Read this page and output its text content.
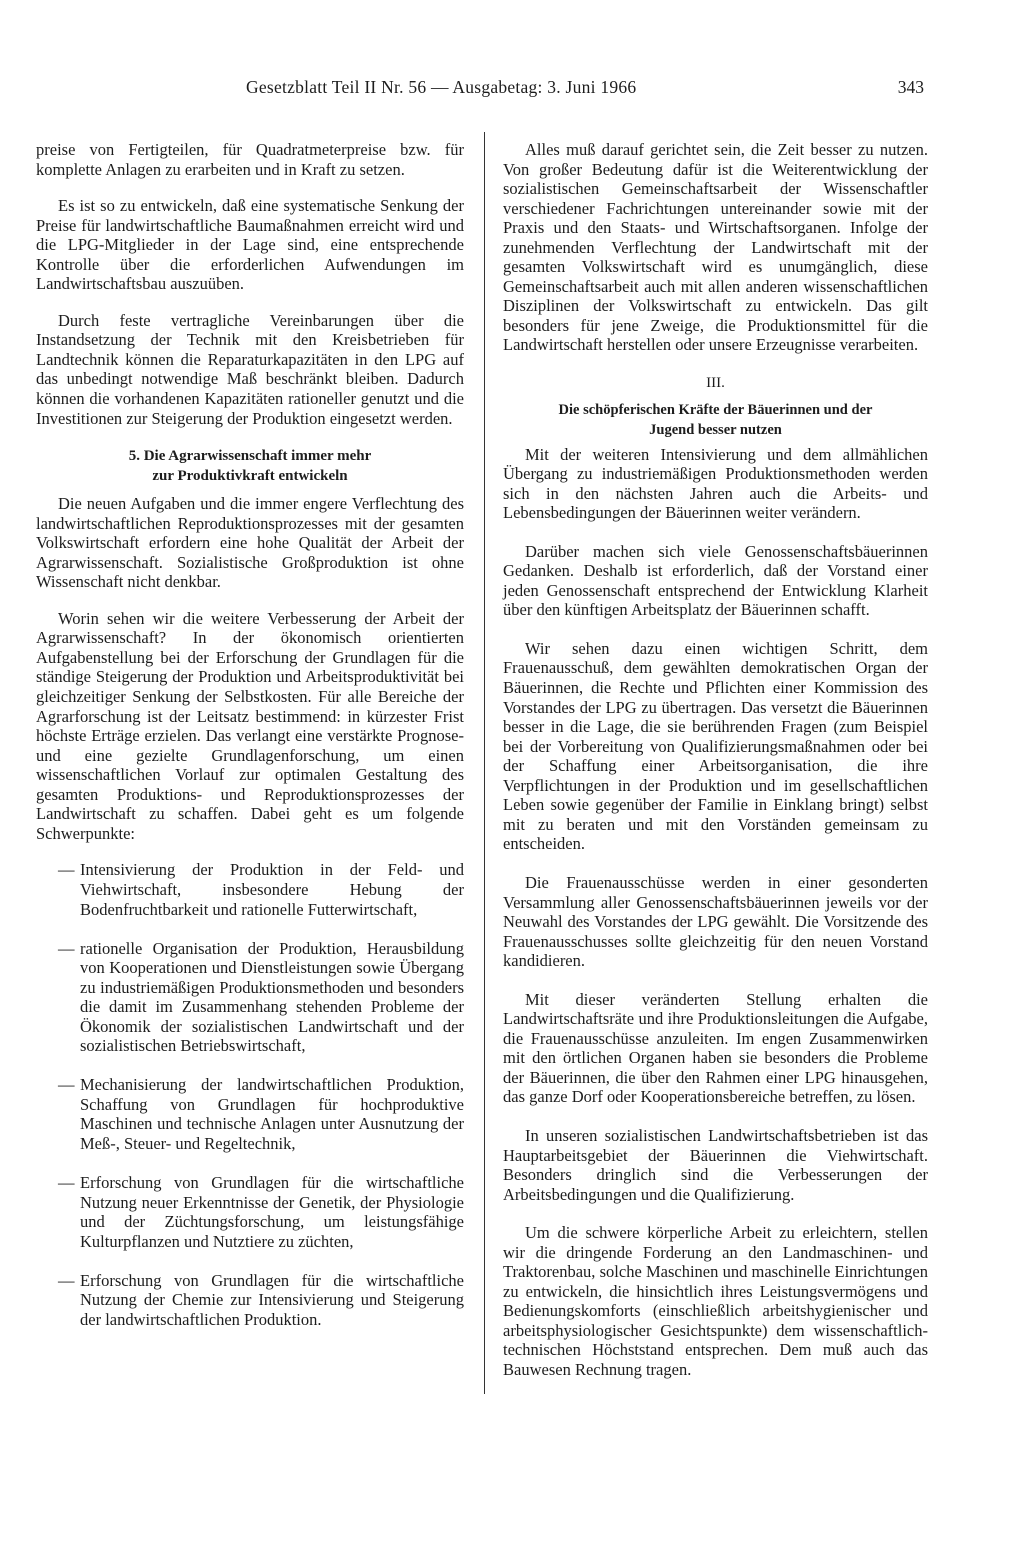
Gesetzblatt Teil II Nr. 56 — Ausgabetag: 3. Juni 1966	343

preise von Fertigteilen, für Quadratmeterpreise bzw. für komplette Anlagen zu erarbeiten und in Kraft zu setzen.

Es ist so zu entwickeln, daß eine systematische Senkung der Preise für landwirtschaftliche Baumaßnahmen erreicht wird und die LPG-Mitglieder in der Lage sind, eine entsprechende Kontrolle über die erforderlichen Aufwendungen im Landwirtschaftsbau auszuüben.

Durch feste vertragliche Vereinbarungen über die Instandsetzung der Technik mit den Kreisbetrieben für Landtechnik können die Reparaturkapazitäten in den LPG auf das unbedingt notwendige Maß beschränkt bleiben. Dadurch können die vorhandenen Kapazitäten rationeller genutzt und die Investitionen zur Steigerung der Produktion eingesetzt werden.

5. Die Agrarwissenschaft immer mehr
zur Produktivkraft entwickeln

Die neuen Aufgaben und die immer engere Verflechtung des landwirtschaftlichen Reproduktionsprozesses mit der gesamten Volkswirtschaft erfordern eine hohe Qualität der Arbeit der Agrarwissenschaft. Sozialistische Großproduktion ist ohne Wissenschaft nicht denkbar.

Worin sehen wir die weitere Verbesserung der Arbeit der Agrarwissenschaft? In der ökonomisch orientierten Aufgabenstellung bei der Erforschung der Grundlagen für die ständige Steigerung der Produktion und Arbeitsproduktivität bei gleichzeitiger Senkung der Selbstkosten. Für alle Bereiche der Agrarforschung ist der Leitsatz bestimmend: in kürzester Frist höchste Erträge erzielen. Das verlangt eine verstärkte Prognose- und eine gezielte Grundlagenforschung, um einen wissenschaftlichen Vorlauf zur optimalen Gestaltung des gesamten Produktions- und Reproduktionsprozesses der Landwirtschaft zu schaffen. Dabei geht es um folgende Schwerpunkte:

— Intensivierung der Produktion in der Feld- und Viehwirtschaft, insbesondere Hebung der Bodenfruchtbarkeit und rationelle Futterwirtschaft,
— rationelle Organisation der Produktion, Herausbildung von Kooperationen und Dienstleistungen sowie Übergang zu industriemäßigen Produktionsmethoden und besonders die damit im Zusammenhang stehenden Probleme der Ökonomik der sozialistischen Landwirtschaft und der sozialistischen Betriebswirtschaft,
— Mechanisierung der landwirtschaftlichen Produktion, Schaffung von Grundlagen für hochproduktive Maschinen und technische Anlagen unter Ausnutzung der Meß-, Steuer- und Regeltechnik,
— Erforschung von Grundlagen für die wirtschaftliche Nutzung neuer Erkenntnisse der Genetik, der Physiologie und der Züchtungsforschung, um leistungsfähige Kulturpflanzen und Nutztiere zu züchten,
— Erforschung von Grundlagen für die wirtschaftliche Nutzung der Chemie zur Intensivierung und Steigerung der landwirtschaftlichen Produktion.

Alles muß darauf gerichtet sein, die Zeit besser zu nutzen. Von großer Bedeutung dafür ist die Weiterentwicklung der sozialistischen Gemeinschaftsarbeit der Wissenschaftler verschiedener Fachrichtungen untereinander sowie mit der Praxis und den Staats- und Wirtschaftsorganen. Infolge der zunehmenden Verflechtung der Landwirtschaft mit der gesamten Volkswirtschaft wird es unumgänglich, diese Gemeinschaftsarbeit auch mit allen anderen wissenschaftlichen Disziplinen der Volkswirtschaft zu entwickeln. Das gilt besonders für jene Zweige, die Produktionsmittel für die Landwirtschaft herstellen oder unsere Erzeugnisse verarbeiten.

III.
Die schöpferischen Kräfte der Bäuerinnen und der
Jugend besser nutzen

Mit der weiteren Intensivierung und dem allmählichen Übergang zu industriemäßigen Produktionsmethoden werden sich in den nächsten Jahren auch die Arbeits- und Lebensbedingungen der Bäuerinnen weiter verändern.

Darüber machen sich viele Genossenschaftsbäuerinnen Gedanken. Deshalb ist erforderlich, daß der Vorstand einer jeden Genossenschaft entsprechend der Entwicklung Klarheit über den künftigen Arbeitsplatz der Bäuerinnen schafft.

Wir sehen dazu einen wichtigen Schritt, dem Frauenausschuß, dem gewählten demokratischen Organ der Bäuerinnen, die Rechte und Pflichten einer Kommission des Vorstandes der LPG zu übertragen. Das versetzt die Bäuerinnen besser in die Lage, die sie berührenden Fragen (zum Beispiel bei der Vorbereitung von Qualifizierungsmaßnahmen oder bei der Schaffung einer Arbeitsorganisation, die ihre Verpflichtungen in der Produktion und im gesellschaftlichen Leben sowie gegenüber der Familie in Einklang bringt) selbst mit zu beraten und mit den Vorständen gemeinsam zu entscheiden.

Die Frauenausschüsse werden in einer gesonderten Versammlung aller Genossenschaftsbäuerinnen jeweils vor der Neuwahl des Vorstandes der LPG gewählt. Die Vorsitzende des Frauenausschusses sollte gleichzeitig für den neuen Vorstand kandidieren.

Mit dieser veränderten Stellung erhalten die Landwirtschaftsräte und ihre Produktionsleitungen die Aufgabe, die Frauenausschüsse anzuleiten. Im engen Zusammenwirken mit den örtlichen Organen haben sie besonders die Probleme der Bäuerinnen, die über den Rahmen einer LPG hinausgehen, das ganze Dorf oder Kooperationsbereiche betreffen, zu lösen.

In unseren sozialistischen Landwirtschaftsbetrieben ist das Hauptarbeitsgebiet der Bäuerinnen die Viehwirtschaft. Besonders dringlich sind die Verbesserungen der Arbeitsbedingungen und die Qualifizierung.

Um die schwere körperliche Arbeit zu erleichtern, stellen wir die dringende Forderung an den Landmaschinen- und Traktorenbau, solche Maschinen und maschinelle Einrichtungen zu entwickeln, die hinsichtlich ihres Leistungsvermögens und Bedienungskomforts (einschließlich arbeitshygienischer und arbeitsphysiologischer Gesichtspunkte) dem wissenschaftlich-technischen Höchststand entsprechen. Dem muß auch das Bauwesen Rechnung tragen.
